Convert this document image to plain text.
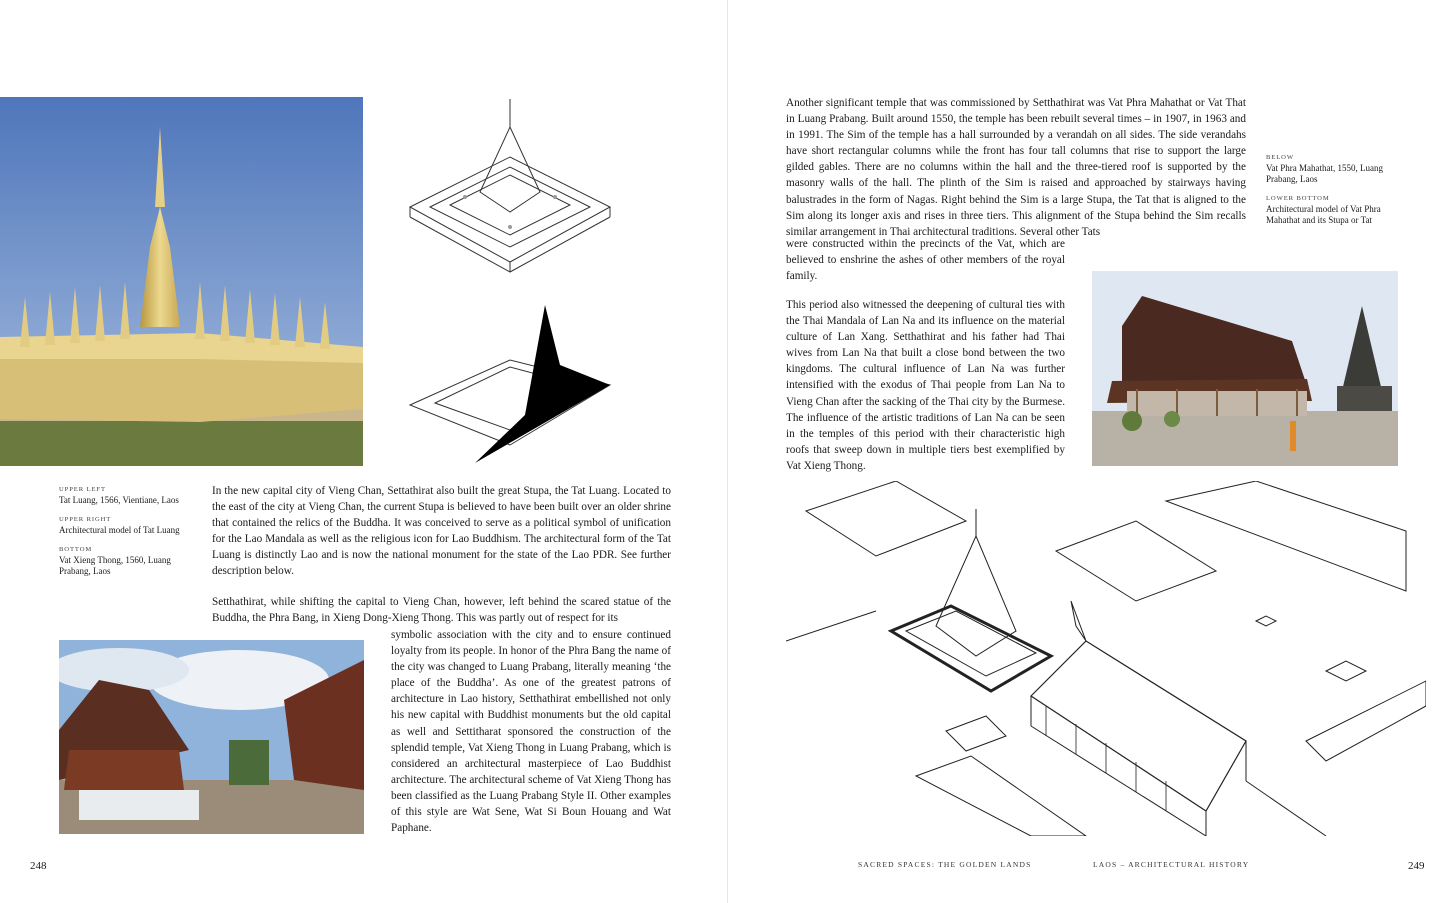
UPPER LEFT

Tat Luang, 1566, Vientiane, Laos

UPPER RIGHT

Architectural model of Tat Luang

BOTTOM

Vat Xieng Thong, 1560, Luang Prabang, Laos

In the new capital city of Vieng Chan, Settathirat also built the great Stupa, the Tat Luang. Located to the east of the city at Vieng Chan, the current Stupa is believed to have been built over an older shrine that contained the relics of the Buddha. It was conceived to serve as a political symbol of unification for the Lao Mandala as well as the religious icon for Lao Buddhism. The architectural form of the Tat Luang is distinctly Lao and is now the national monument for the state of the Lao PDR. See further description below.

Setthathirat, while shifting the capital to Vieng Chan, however, left behind the scared statue of the Buddha, the Phra Bang, in Xieng Dong-Xieng Thong. This was partly out of respect for its

symbolic association with the city and to ensure continued loyalty from its people. In honor of the Phra Bang the name of the city was changed to Luang Prabang, literally meaning ‘the place of the Buddha’. As one of the greatest patrons of architecture in Lao history, Setthathirat embellished not only his new capital with Buddhist monuments but the old capital as well and Settitharat sponsored the construction of the splendid temple, Vat Xieng Thong in Luang Prabang, which is considered an architectural masterpiece of Lao Buddhist architecture. The architectural scheme of Vat Xieng Thong has been classified as the Luang Prabang Style II. Other examples of this style are Wat Sene, Wat Si Boun Houang and Wat Paphane.

248

Another significant temple that was commissioned by Setthathirat was Vat Phra Mahathat or Vat That in Luang Prabang. Built around 1550, the temple has been rebuilt several times – in 1907, in 1963 and in 1991. The Sim of the temple has a hall surrounded by a verandah on all sides. The side verandahs have short rectangular columns while the front has four tall columns that rise to support the large gilded gables. There are no columns within the hall and the three-tiered roof is supported by the masonry walls of the hall. The plinth of the Sim is raised and approached by stairways having balustrades in the form of Nagas. Right behind the Sim is a large Stupa, the Tat that is aligned to the Sim along its longer axis and rises in three tiers. This alignment of the Stupa behind the Sim recalls similar arrangement in Thai architectural traditions. Several other Tats

were constructed within the precincts of the Vat, which are believed to enshrine the ashes of other members of the royal family.

This period also witnessed the deepening of cultural ties with the Thai Mandala of Lan Na and its influence on the material culture of Lan Xang. Setthathirat and his father had Thai wives from Lan Na that built a close bond between the two kingdoms. The cultural influence of Lan Na was further intensified with the exodus of Thai people from Lan Na to Vieng Chan after the sacking of the Thai city by the Burmese. The influence of the artistic traditions of Lan Na can be seen in the temples of this period with their characteristic high roofs that sweep down in multiple tiers best exemplified by Vat Xieng Thong.

BELOW

Vat Phra Mahathat, 1550, Luang Prabang, Laos

LOWER BOTTOM

Architectural model of Vat Phra Mahathat and its Stupa or Tat

SACRED SPACES: THE GOLDEN LANDS	LAOS – ARCHITECTURAL HISTORY	249
